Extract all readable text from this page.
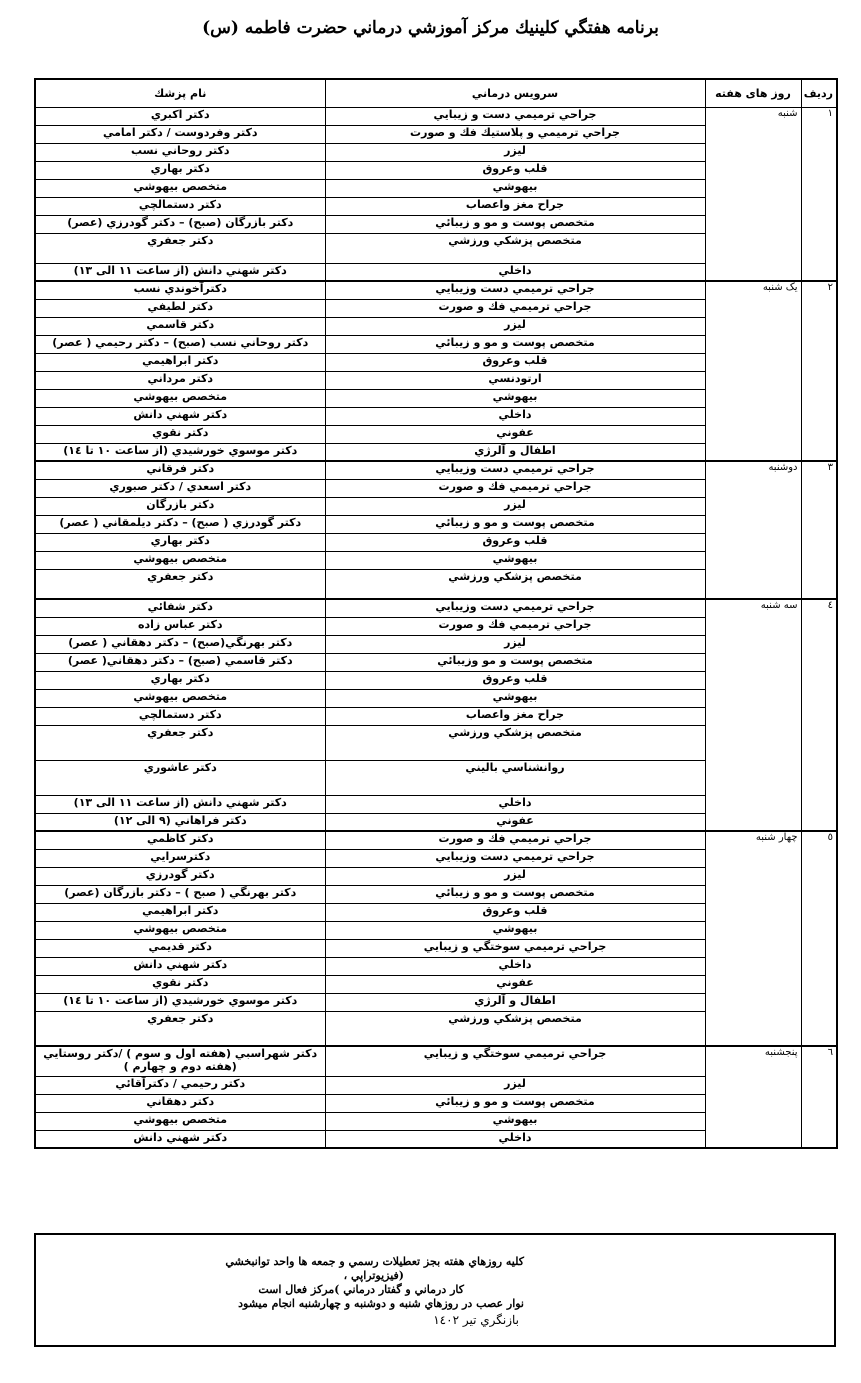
برنامه هفتگي كلينيك مركز آموزشي درماني حضرت فاطمه (س)
رديف	روز هاى هفته	سرويس درماني	نام پزشك
١	شنبه	جراحي ترميمي دست و زيبايي	دكتر اكبري
		جراحي ترميمي و پلاستيك فك و صورت	دكتر وفردوست / دكتر امامي
		ليزر	دكتر روحاني نسب
		قلب وعروق	دكتر بهاري
		بيهوشي	متخصص بيهوشي
		جراح مغز واعصاب	دكتر دستمالچي
		متخصص پوست و مو و زيبائي	دكتر بازرگان (صبح) – دكتر گودرزي (عصر)
		متخصص پزشكي ورزشي	دكتر جعفري
		داخلي	دكتر شهني دانش (از ساعت ١١ الى ١٣)
٢	يک شنبه	جراحي ترميمي دست وزيبايي	دكترآخوندي نسب
		جراحي ترميمي فك و صورت	دكتر لطيفي
		ليزر	دكتر قاسمي
		متخصص پوست و مو و زيبائي	دكتر روحاني نسب (صبح) – دكتر رحيمي ( عصر)
		قلب وعروق	دكتر ابراهيمي
		ارتودنسي	دكتر مرداني
		بيهوشي	متخصص بيهوشي
		داخلي	دكتر شهني دانش
		عفوني	دكتر نقوي
		اطفال و آلرژي	دكتر موسوي خورشيدي (از ساعت ١٠ تا ١٤)
٣	دوشنبه	جراحي ترميمي دست وزيبايي	دكتر فرقاني
		جراحي ترميمي فك و صورت	دكتر اسعدي / دكتر صبوري
		ليزر	دكتر بازرگان
		متخصص پوست و مو و زيبائي	دكتر گودرزي ( صبح) – دكتر ديلمقاني ( عصر)
		قلب وعروق	دكتر بهاري
		بيهوشي	متخصص بيهوشي
		متخصص پزشكي ورزشي	دكتر جعفري
٤	سه شنبه	جراحي ترميمي دست وزيبايي	دكتر شفائي
		جراحي ترميمي فك و صورت	دكتر عباس زاده
		ليزر	دكتر بهرنگي(صبح) – دكتر دهقاني ( عصر)
		متخصص پوست و مو وزيبائي	دكتر قاسمي (صبح) – دكتر دهقاني( عصر)
		قلب وعروق	دكتر بهاري
		بيهوشي	متخصص بيهوشي
		جراح مغز واعصاب	دكتر دستمالچي
		متخصص پزشكي ورزشي	دكتر جعفري
		روانشناسي باليني	دكتر عاشوري
		داخلي	دكتر شهني دانش (از ساعت ١١ الى ١٣)
		عفوني	دكتر فراهاني (٩ الى ١٢)
٥	چهار شنبه	جراحي ترميمي فك و صورت	دكتر كاظمي
		جراحي ترميمي دست وزيبايي	دكترسرايي
		ليزر	دكتر گودرزي
		متخصص پوست و مو و زيبائي	دكتر بهرنگي ( صبح ) – دكتر بازرگان (عصر)
		قلب وعروق	دكتر ابراهيمي
		بيهوشي	متخصص بيهوشي
		جراحي ترميمي سوختگي و زيبايي	دكتر قديمي
		داخلي	دكتر شهني دانش
		عفوني	دكتر نقوي
		اطفال و آلرژي	دكتر موسوي خورشيدي (از ساعت ١٠ تا ١٤)
		متخصص پزشكي ورزشي	دكتر جعفري
٦	پنجشنبه	جراحي ترميمي سوختگي و زيبايي	دكتر شهراسبي (هفته اول و سوم ) /دكتر روستايي
(هفته دوم و چهارم )

		ليزر	دكتر رحيمي / دكترآقائي
		متخصص پوست و مو و زيبائي	دكتر دهقاني
		بيهوشي	متخصص بيهوشي
		داخلي	دكتر شهني دانش
كليه روزهاي هفته بجز تعطيلات رسمي و جمعه ها واحد توانبخشي
(فيزيوتراپي ،
كار درماني و گفتار درماني )مركز فعال است
نوار عصب در روزهاي شنبه و دوشنبه و چهارشنبه انجام ميشود
بازنگري تير ١٤٠٢
